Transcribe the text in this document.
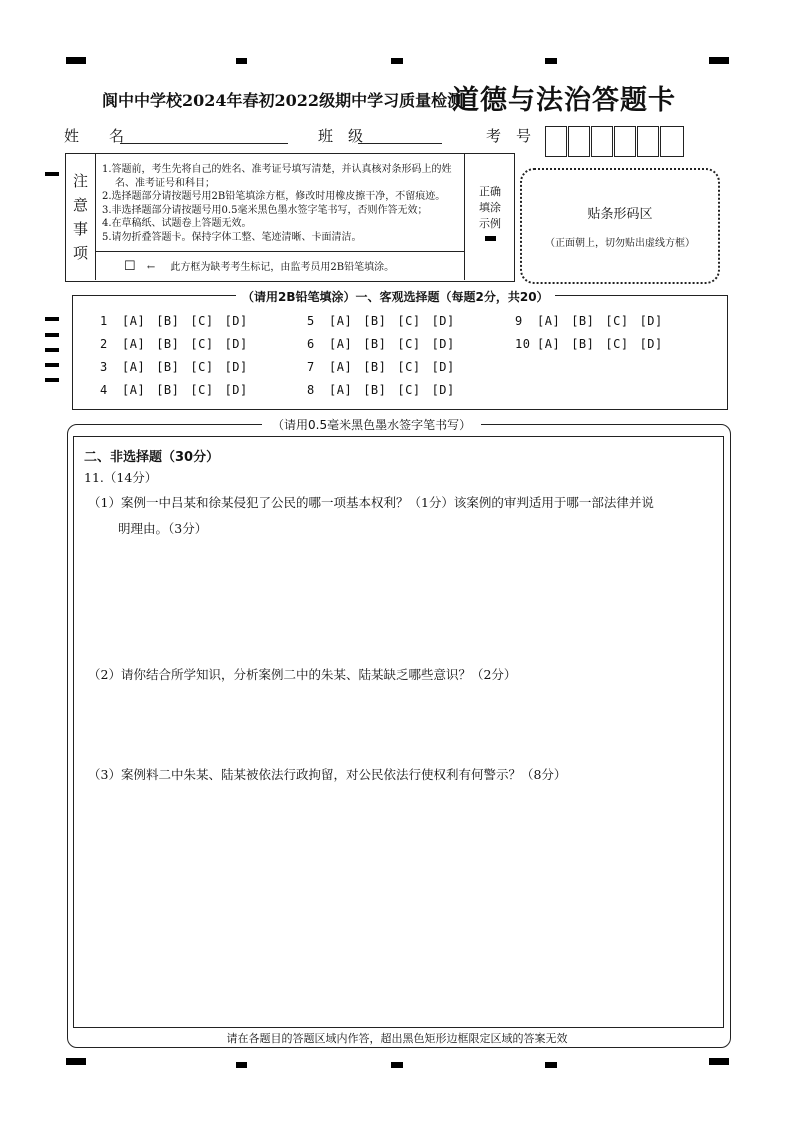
阆中中学校2024年春初2022级期中学习质量检测
道德与法治答题卡
姓　　名	班　级	考　号
注
意
事
项
1.答题前，考生先将自己的姓名、准考证号填写清楚，并认真核对条形码上的姓名、准考证号和科目；
2.选择题部分请按题号用2B铅笔填涂方框，修改时用橡皮擦干净，不留痕迹。
3.非选择题部分请按题号用0.5毫米黑色墨水签字笔书写，否则作答无效；
4.在草稿纸、试题卷上答题无效。
5.请勿折叠答题卡。保持字体工整、笔迹清晰、卡面清洁。
☐ ← 此方框为缺考考生标记，由监考员用2B铅笔填涂。
正确
填涂
示例
贴条形码区
（正面朝上，切勿贴出虚线方框）
（请用2B铅笔填涂）一、客观选择题（每题2分，共20）
1 [A] [B] [C] [D]
2 [A] [B] [C] [D]
3 [A] [B] [C] [D]
4 [A] [B] [C] [D]
5 [A] [B] [C] [D]
6 [A] [B] [C] [D]
7 [A] [B] [C] [D]
8 [A] [B] [C] [D]
9 [A] [B] [C] [D]
10 [A] [B] [C] [D]
（请用0.5毫米黑色墨水签字笔书写）
二、非选择题（30分）
11.（14分）
（1）案例一中吕某和徐某侵犯了公民的哪一项基本权利？（1分）该案例的审判适用于哪一部法律并说
明理由。（3分）
（2）请你结合所学知识，分析案例二中的朱某、陆某缺乏哪些意识？（2分）
（3）案例料二中朱某、陆某被依法行政拘留，对公民依法行使权利有何警示？（8分）
请在各题目的答题区域内作答，超出黑色矩形边框限定区域的答案无效
